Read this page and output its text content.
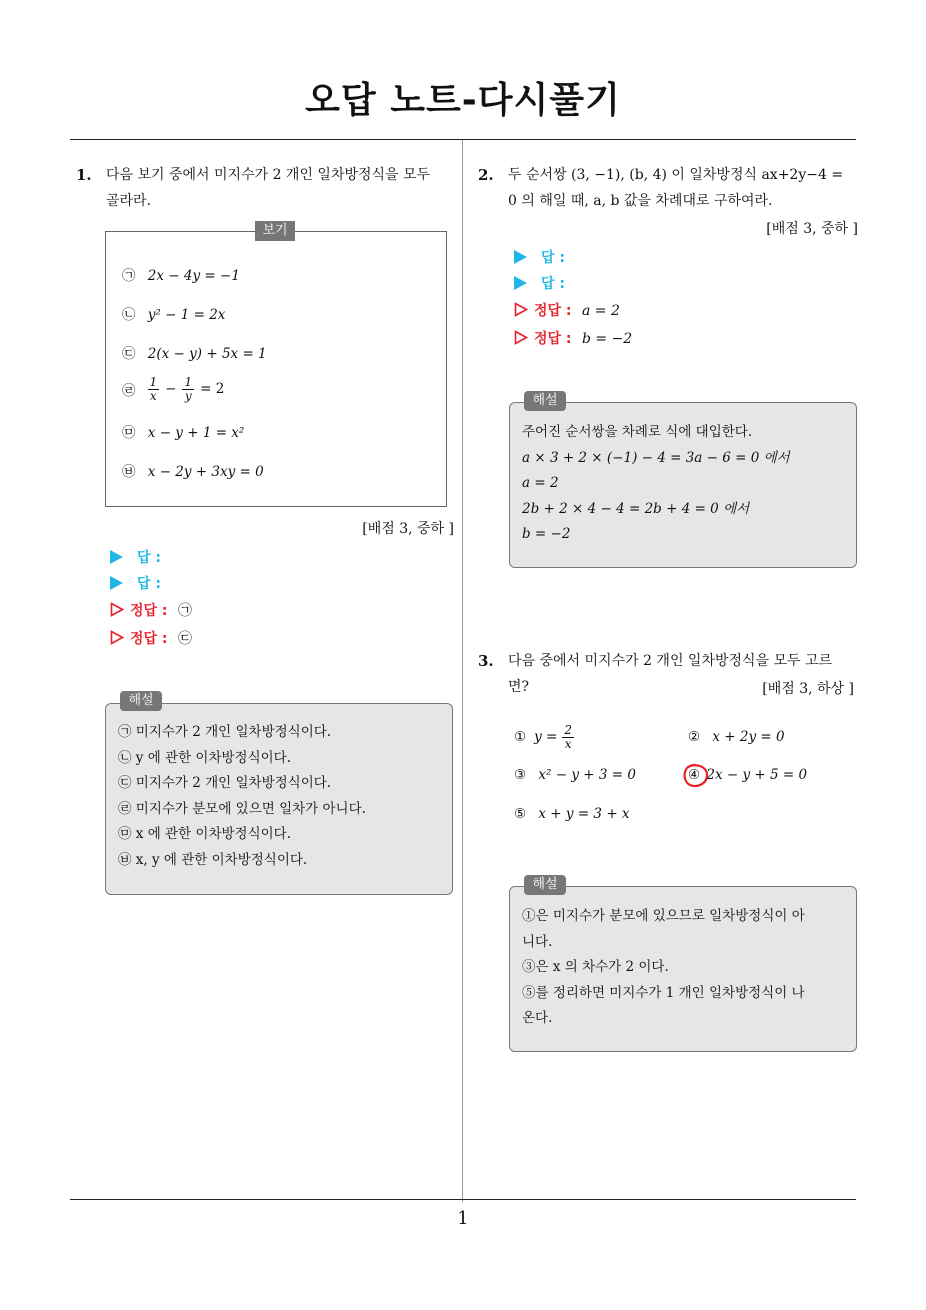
오답 노트-다시풀기
1. 다음 보기 중에서 미지수가 2 개인 일차방정식을 모두
골라라.
보기
㉠ 2x − 4y = −1
㉡ y² − 1 = 2x
㉢ 2(x − y) + 5x = 1
㉣ $\frac{1}{x} - \frac{1}{y} = 2$
㉤ x − y + 1 = x²
㉥ x − 2y + 3xy = 0
[배점 3, 중하 ]
답 :
답 :
정답 : ㉠
정답 : ㉢
해설
㉠ 미지수가 2 개인 일차방정식이다.
㉡ y 에 관한 이차방정식이다.
㉢ 미지수가 2 개인 일차방정식이다.
㉣ 미지수가 분모에 있으면 일차가 아니다.
㉤ x 에 관한 이차방정식이다.
㉥ x, y 에 관한 이차방정식이다.
2. 두 순서쌍 (3, −1), (b, 4) 이 일차방정식 ax+2y−4 =
0 의 해일 때, a, b 값을 차례대로 구하여라.
[배점 3, 중하 ]
답 :
답 :
정답 : a = 2
정답 : b = −2
해설
주어진 순서쌍을 차례로 식에 대입한다.
a × 3 + 2 × (−1) − 4 = 3a − 6 = 0 에서
a = 2
2b + 2 × 4 − 4 = 2b + 4 = 0 에서
b = −2
3. 다음 중에서 미지수가 2 개인 일차방정식을 모두 고르
면?	[배점 3, 하상 ]
① $y = \frac{2}{x}$	② x + 2y = 0
③ x² − y + 3 = 0	④ 2x − y + 5 = 0
⑤ x + y = 3 + x
해설
①은 미지수가 분모에 있으므로 일차방정식이 아
니다.
③은 x 의 차수가 2 이다.
⑤를 정리하면 미지수가 1 개인 일차방정식이 나
온다.
1
